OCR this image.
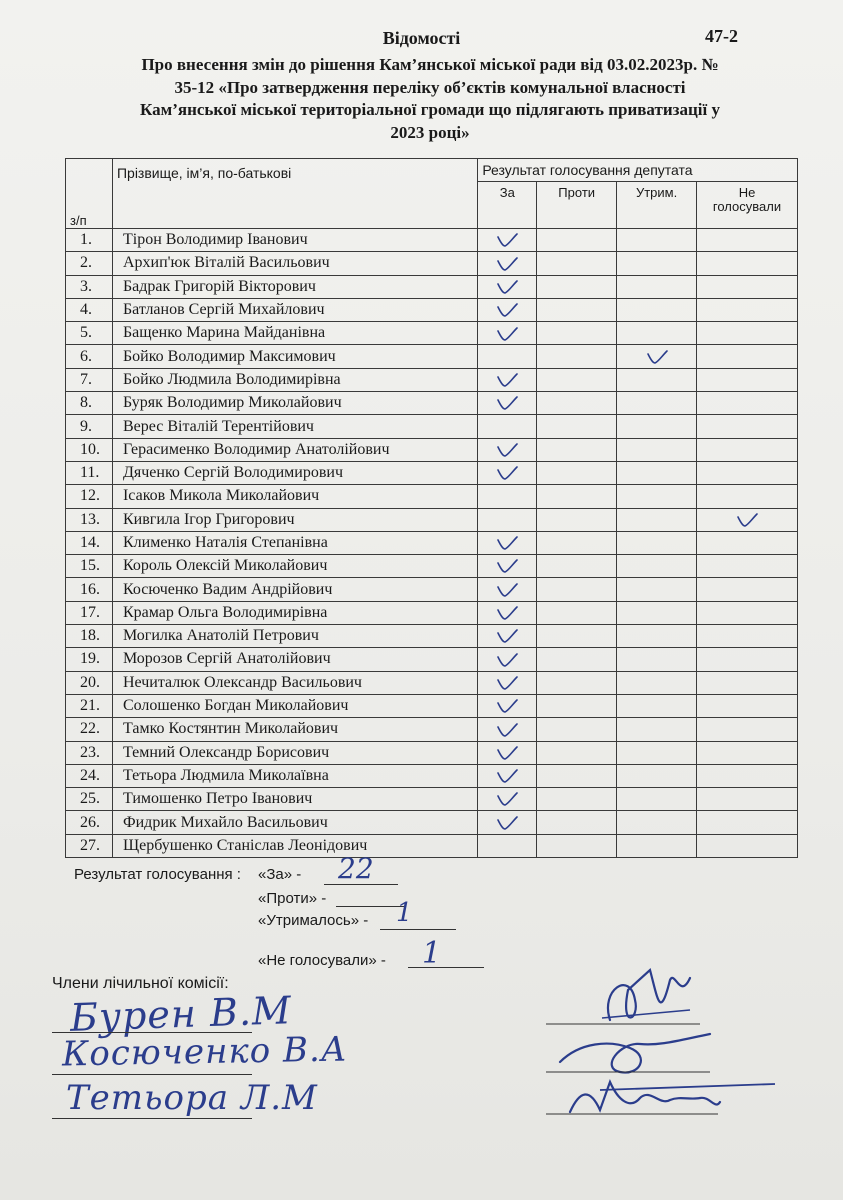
Відомості	47-2
Про внесення змін до рішення Кам’янської міської ради від 03.02.2023р. №
35-12 «Про затвердження переліку об’єктів комунальної власності
Кам’янської міської територіальної громади що підлягають приватизації у
2023 році»
з/п	Прізвище, ім’я, по-батькові	Результат голосування депутата			
		За	Проти	Утрим.	Не
голосували

1.	Тірон Володимир Іванович	

2.	Архип'юк Віталій Васильович	

3.	Бадрак Григорій Вікторович	

4.	Батланов Сергій Михайлович	

5.	Бащенко Марина Майданівна	

6.	Бойко Володимир Максимович			

7.	Бойко Людмила Володимирівна	

8.	Буряк Володимир Миколайович	

9.	Верес Віталій Терентійович				
10.	Герасименко Володимир Анатолійович	

11.	Дяченко Сергій Володимирович	

12.	Ісаков Микола Миколайович				
13.	Кивгила Ігор Григорович				

14.	Клименко Наталія Степанівна	

15.	Король Олексій Миколайович	

16.	Косюченко Вадим Андрійович	

17.	Крамар Ольга Володимирівна	

18.	Могилка Анатолій Петрович	

19.	Морозов Сергій Анатолійович	

20.	Нечиталюк Олександр Васильович	

21.	Солошенко Богдан Миколайович	

22.	Тамко Костянтин Миколайович	

23.	Темний Олександр Борисович	

24.	Тетьора Людмила Миколаївна	

25.	Тимошенко Петро Іванович	

26.	Фидрик Михайло Васильович	

27.	Щербушенко Станіслав Леонідович				
Результат голосування : «За» - 22
«Проти» -
«Утрималось» - 1
«Не голосували» - 1
Члени лічильної комісії:
Бурен В.М
Косюченко В.А
Тетьора Л.М
